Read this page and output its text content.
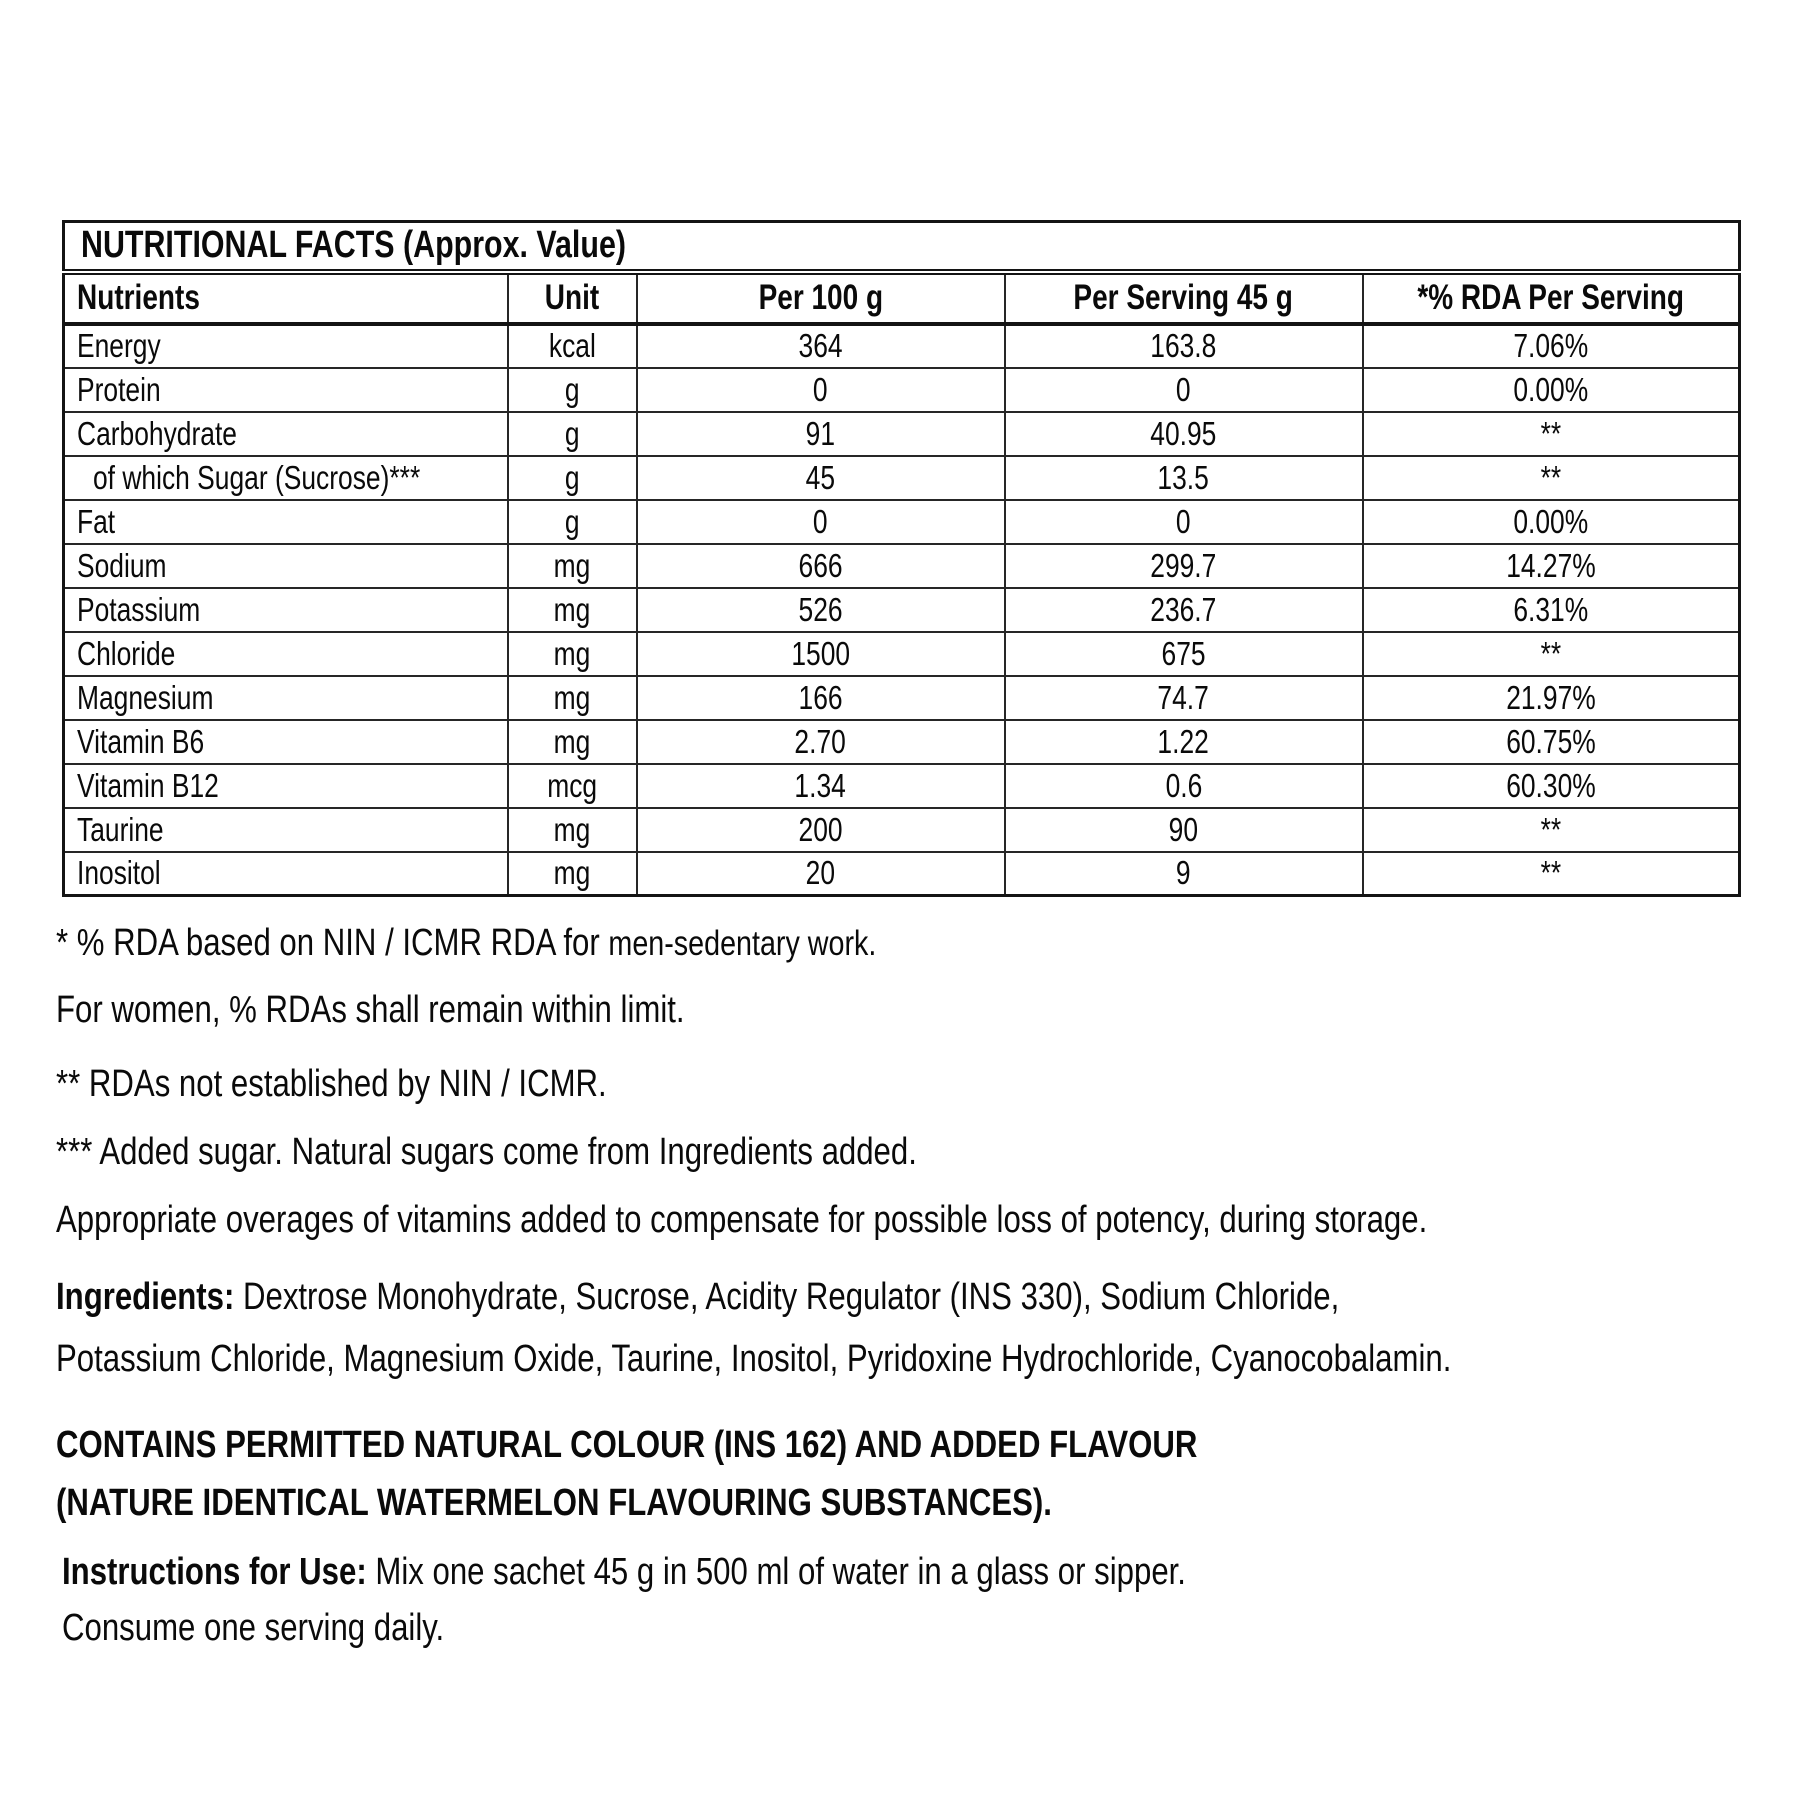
NUTRITIONAL FACTS (Approx. Value)				
Nutrients	Unit	Per 100 g	Per Serving 45 g	*% RDA Per Serving
Energy	kcal	364	163.8	7.06%
Protein	g	0	0	0.00%
Carbohydrate	g	91	40.95	**
of which Sugar (Sucrose)***	g	45	13.5	**
Fat	g	0	0	0.00%
Sodium	mg	666	299.7	14.27%
Potassium	mg	526	236.7	6.31%
Chloride	mg	1500	675	**
Magnesium	mg	166	74.7	21.97%
Vitamin B6	mg	2.70	1.22	60.75%
Vitamin B12	mcg	1.34	0.6	60.30%
Taurine	mg	200	90	**
Inositol	mg	20	9	**

* % RDA based on NIN / ICMR RDA for men-sedentary work.

For women, % RDAs shall remain within limit.

** RDAs not established by NIN / ICMR.

*** Added sugar. Natural sugars come from Ingredients added.

Appropriate overages of vitamins added to compensate for possible loss of potency, during storage.

Ingredients: Dextrose Monohydrate, Sucrose, Acidity Regulator (INS 330), Sodium Chloride,
Potassium Chloride, Magnesium Oxide, Taurine, Inositol, Pyridoxine Hydrochloride, Cyanocobalamin.

CONTAINS PERMITTED NATURAL COLOUR (INS 162) AND ADDED FLAVOUR
(NATURE IDENTICAL WATERMELON FLAVOURING SUBSTANCES).

Instructions for Use: Mix one sachet 45 g in 500 ml of water in a glass or sipper.
Consume one serving daily.
